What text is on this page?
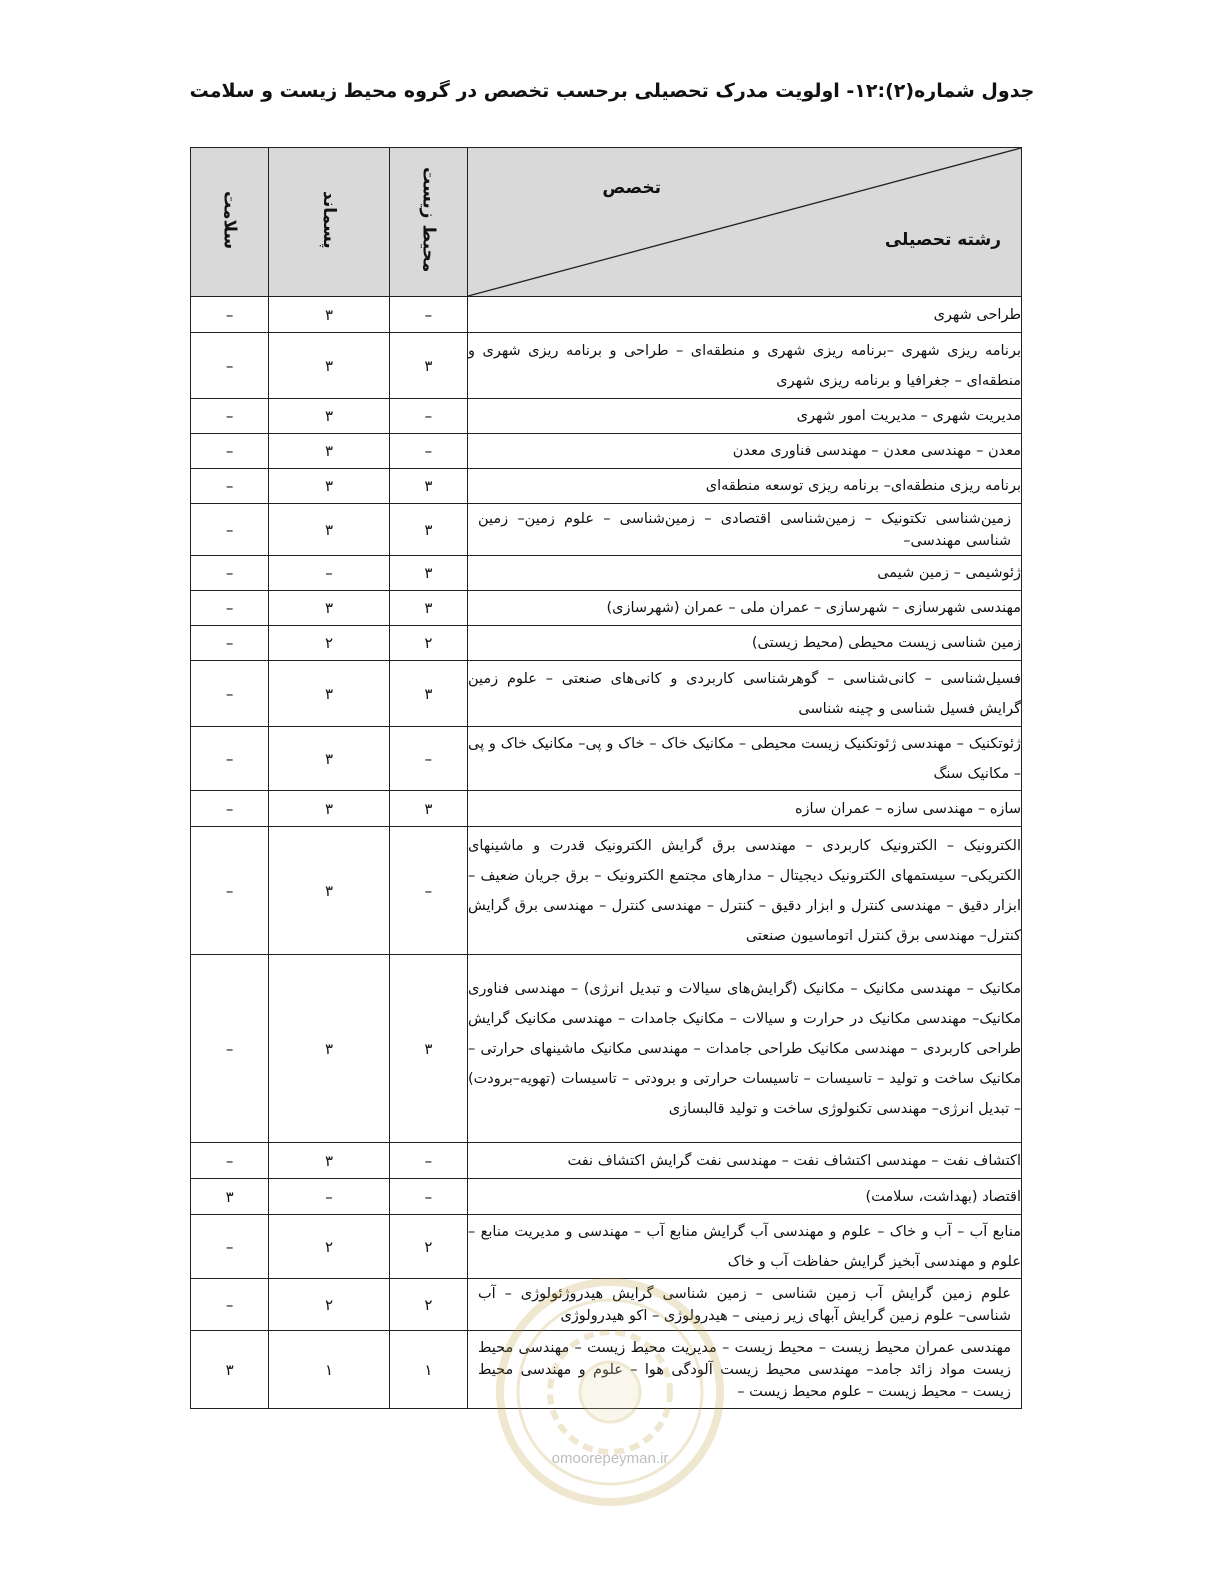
جدول شماره(۲):۱۲- اولویت مدرک تحصیلی برحسب تخصص در گروه محیط زیست و سلامت
تخصص
رشته تحصیلی	محیط زیست	پسماند	سلامت
طراحی شهری	–	۳	–
برنامه ریزی شهری –برنامه ریزی شهری و منطقه‌ای – طراحی و برنامه ریزی شهری و منطقه‌ای – جغرافیا و برنامه ریزی شهری	۳	۳	–
مدیریت شهری – مدیریت امور شهری	–	۳	–
معدن – مهندسی معدن – مهندسی فناوری معدن	–	۳	–
برنامه ریزی منطقه‌ای– برنامه ریزی توسعه منطقه‌ای	۳	۳	–
زمین‌شناسی تکتونیک – زمین‌شناسی اقتصادی – زمین‌شناسی – علوم زمین– زمین شناسی مهندسی–	۳	۳	–
ژئوشیمی – زمین شیمی	۳	–	–
مهندسی شهرسازی – شهرسازی – عمران ملی – عمران (شهرسازی)	۳	۳	–
زمین شناسی زیست محیطی (محیط زیستی)	۲	۲	–
فسیل‌شناسی – کانی‌شناسی – گوهرشناسی کاربردی و کانی‌های صنعتی – علوم زمین گرایش فسیل شناسی و چینه شناسی	۳	۳	–
ژئوتکنیک – مهندسی ژئوتکنیک زیست محیطی – مکانیک خاک – خاک و پی– مکانیک خاک و پی – مکانیک سنگ	–	۳	–
سازه – مهندسی سازه – عمران سازه	۳	۳	–
الکترونیک – الکترونیک کاربردی – مهندسی برق گرایش الکترونیک قدرت و ماشینهای الکتریکی– سیستمهای الکترونیک دیجیتال – مدارهای مجتمع الکترونیک – برق جریان ضعیف – ابزار دقیق – مهندسی کنترل و ابزار دقیق – کنترل – مهندسی کنترل – مهندسی برق گرایش کنترل– مهندسی برق کنترل اتوماسیون صنعتی	–	۳	–
مکانیک – مهندسی مکانیک – مکانیک (گرایش‌های سیالات و تبدیل انرژی) – مهندسی فناوری مکانیک– مهندسی مکانیک در حرارت و سیالات – مکانیک جامدات – مهندسی مکانیک گرایش طراحی کاربردی – مهندسی مکانیک طراحی جامدات – مهندسی مکانیک ماشینهای حرارتی – مکانیک ساخت و تولید – تاسیسات – تاسیسات حرارتی و برودتی – تاسیسات (تهویه–برودت) – تبدیل انرژی– مهندسی تکنولوژی ساخت و تولید قالبسازی	۳	۳	–
اکتشاف نفت – مهندسی اکتشاف نفت – مهندسی نفت گرایش اکتشاف نفت	–	۳	–
اقتصاد (بهداشت، سلامت)	–	–	۳
منابع آب – آب و خاک – علوم و مهندسی آب گرایش منابع آب – مهندسی و مدیریت منابع – علوم و مهندسی آبخیز گرایش حفاظت آب و خاک	۲	۲	–
علوم زمین گرایش آب زمین شناسی – زمین شناسی گرایش هیدروژئولوژی – آب شناسی– علوم زمین گرایش آبهای زیر زمینی – هیدرولوژی – اکو هیدرولوژی	۲	۲	–
مهندسی عمران محیط زیست – محیط زیست – مدیریت محیط زیست – مهندسی محیط زیست مواد زائد جامد– مهندسی محیط زیست آلودگی هوا – علوم و مهندسی محیط زیست – محیط زیست – علوم محیط زیست –	۱	۱	۳
omoorepeyman.ir
